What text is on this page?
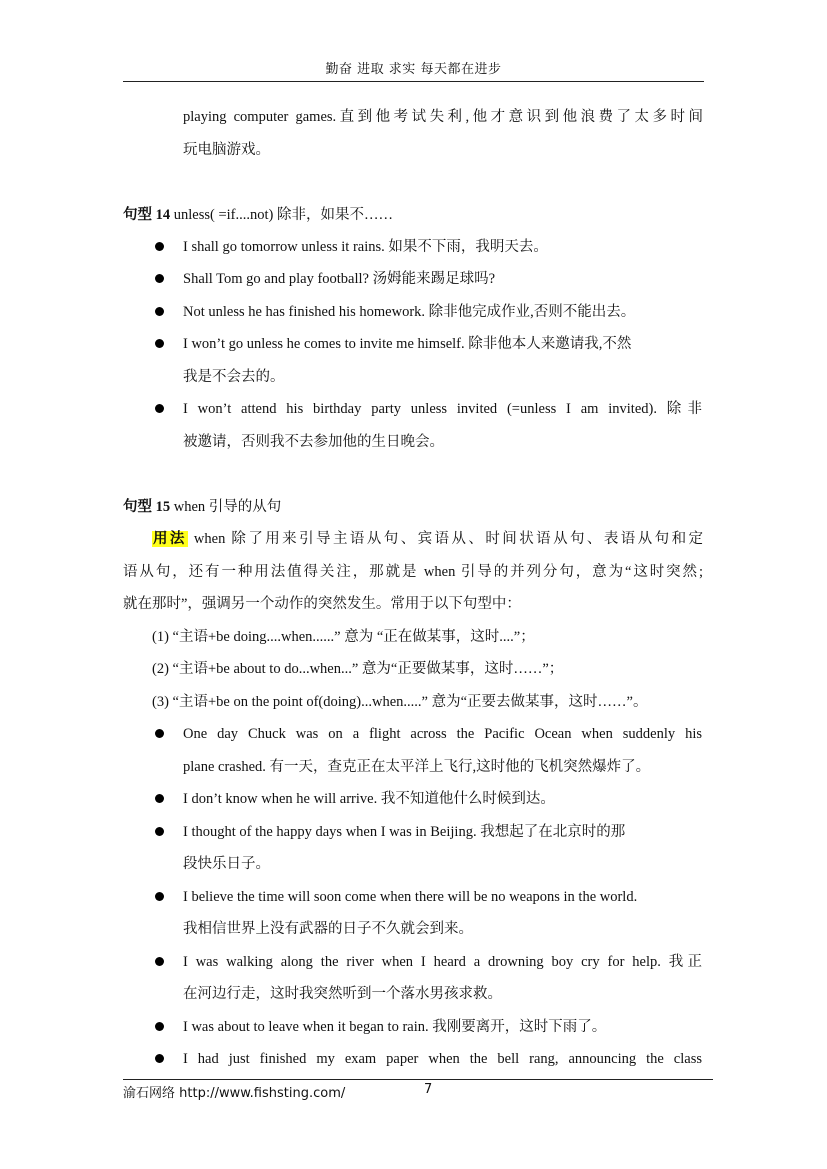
勤奋 进取 求实 每天都在进步
playing computer games.直到他考试失利,他才意识到他浪费了太多时间
玩电脑游戏。
句型 14 unless( =if....not) 除非，如果不……
I shall go tomorrow unless it rains. 如果不下雨，我明天去。
Shall Tom go and play football? 汤姆能来踢足球吗?
Not unless he has finished his homework. 除非他完成作业,否则不能出去。
I won’t go unless he comes to invite me himself. 除非他本人来邀请我,不然
我是不会去的。
I won’t attend his birthday party unless invited (=unless I am invited). 除非
被邀请，否则我不去参加他的生日晚会。
句型 15 when 引导的从句
用法 when 除了用来引导主语从句、宾语从、时间状语从句、表语从句和定
语从句，还有一种用法值得关注，那就是 when 引导的并列分句，意为“这时突然;
就在那时”，强调另一个动作的突然发生。常用于以下句型中：
(1) “主语+be doing....when......” 意为 “正在做某事，这时....”；
(2) “主语+be about to do...when...” 意为“正要做某事，这时……”；
(3) “主语+be on the point of(doing)...when.....” 意为“正要去做某事，这时……”。
One day Chuck was on a flight across the Pacific Ocean when suddenly his
plane crashed. 有一天，查克正在太平洋上飞行,这时他的飞机突然爆炸了。
I don’t know when he will arrive. 我不知道他什么时候到达。
I thought of the happy days when I was in Beijing. 我想起了在北京时的那
段快乐日子。
I believe the time will soon come when there will be no weapons in the world.
我相信世界上没有武器的日子不久就会到来。
I was walking along the river when I heard a drowning boy cry for help. 我正
在河边行走，这时我突然听到一个落水男孩求救。
I was about to leave when it began to rain. 我刚要离开，这时下雨了。
I had just finished my exam paper when the bell rang, announcing the class
渝石网络 http://www.fishsting.com/	7
